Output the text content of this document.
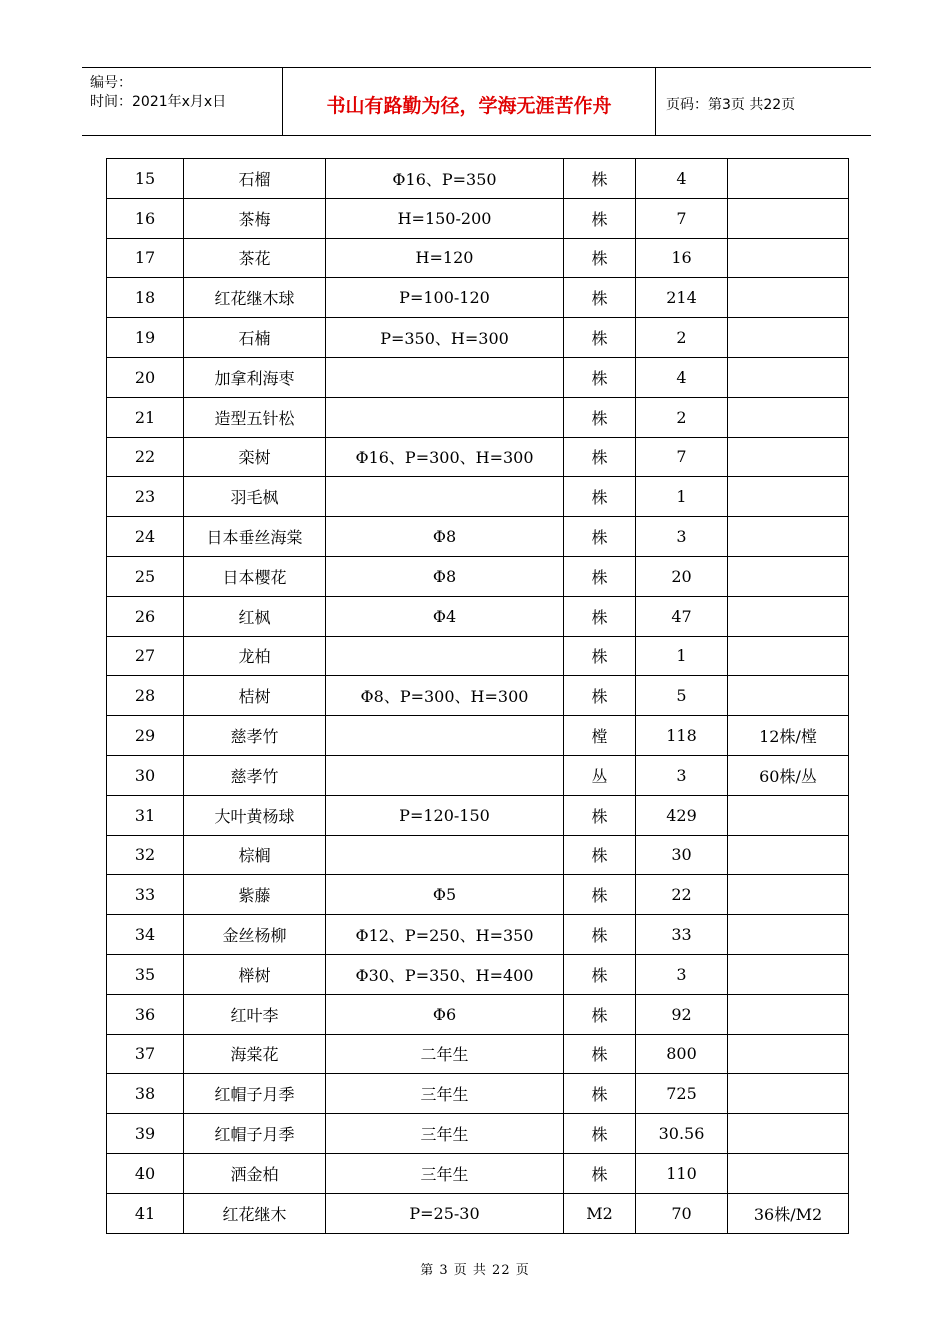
编号：
时间：2021年x月x日	书山有路勤为径，学海无涯苦作舟	页码：第3页 共22页
15	石榴	Φ16、P=350	株	4	
16	茶梅	H=150-200	株	7	
17	茶花	H=120	株	16	
18	红花继木球	P=100-120	株	214	
19	石楠	P=350、H=300	株	2	
20	加拿利海枣		株	4	
21	造型五针松		株	2	
22	栾树	Φ16、P=300、H=300	株	7	
23	羽毛枫		株	1	
24	日本垂丝海棠	Φ8	株	3	
25	日本樱花	Φ8	株	20	
26	红枫	Φ4	株	47	
27	龙柏		株	1	
28	桔树	Φ8、P=300、H=300	株	5	
29	慈孝竹		樘	118	12株/樘
30	慈孝竹		丛	3	60株/丛
31	大叶黄杨球	P=120-150	株	429	
32	棕榈		株	30	
33	紫藤	Φ5	株	22	
34	金丝杨柳	Φ12、P=250、H=350	株	33	
35	榉树	Φ30、P=350、H=400	株	3	
36	红叶李	Φ6	株	92	
37	海棠花	二年生	株	800	
38	红帽子月季	三年生	株	725	
39	红帽子月季	三年生	株	30.56	
40	洒金柏	三年生	株	110	
41	红花继木	P=25-30	M2	70	36株/M2
第 3 页 共 22 页
